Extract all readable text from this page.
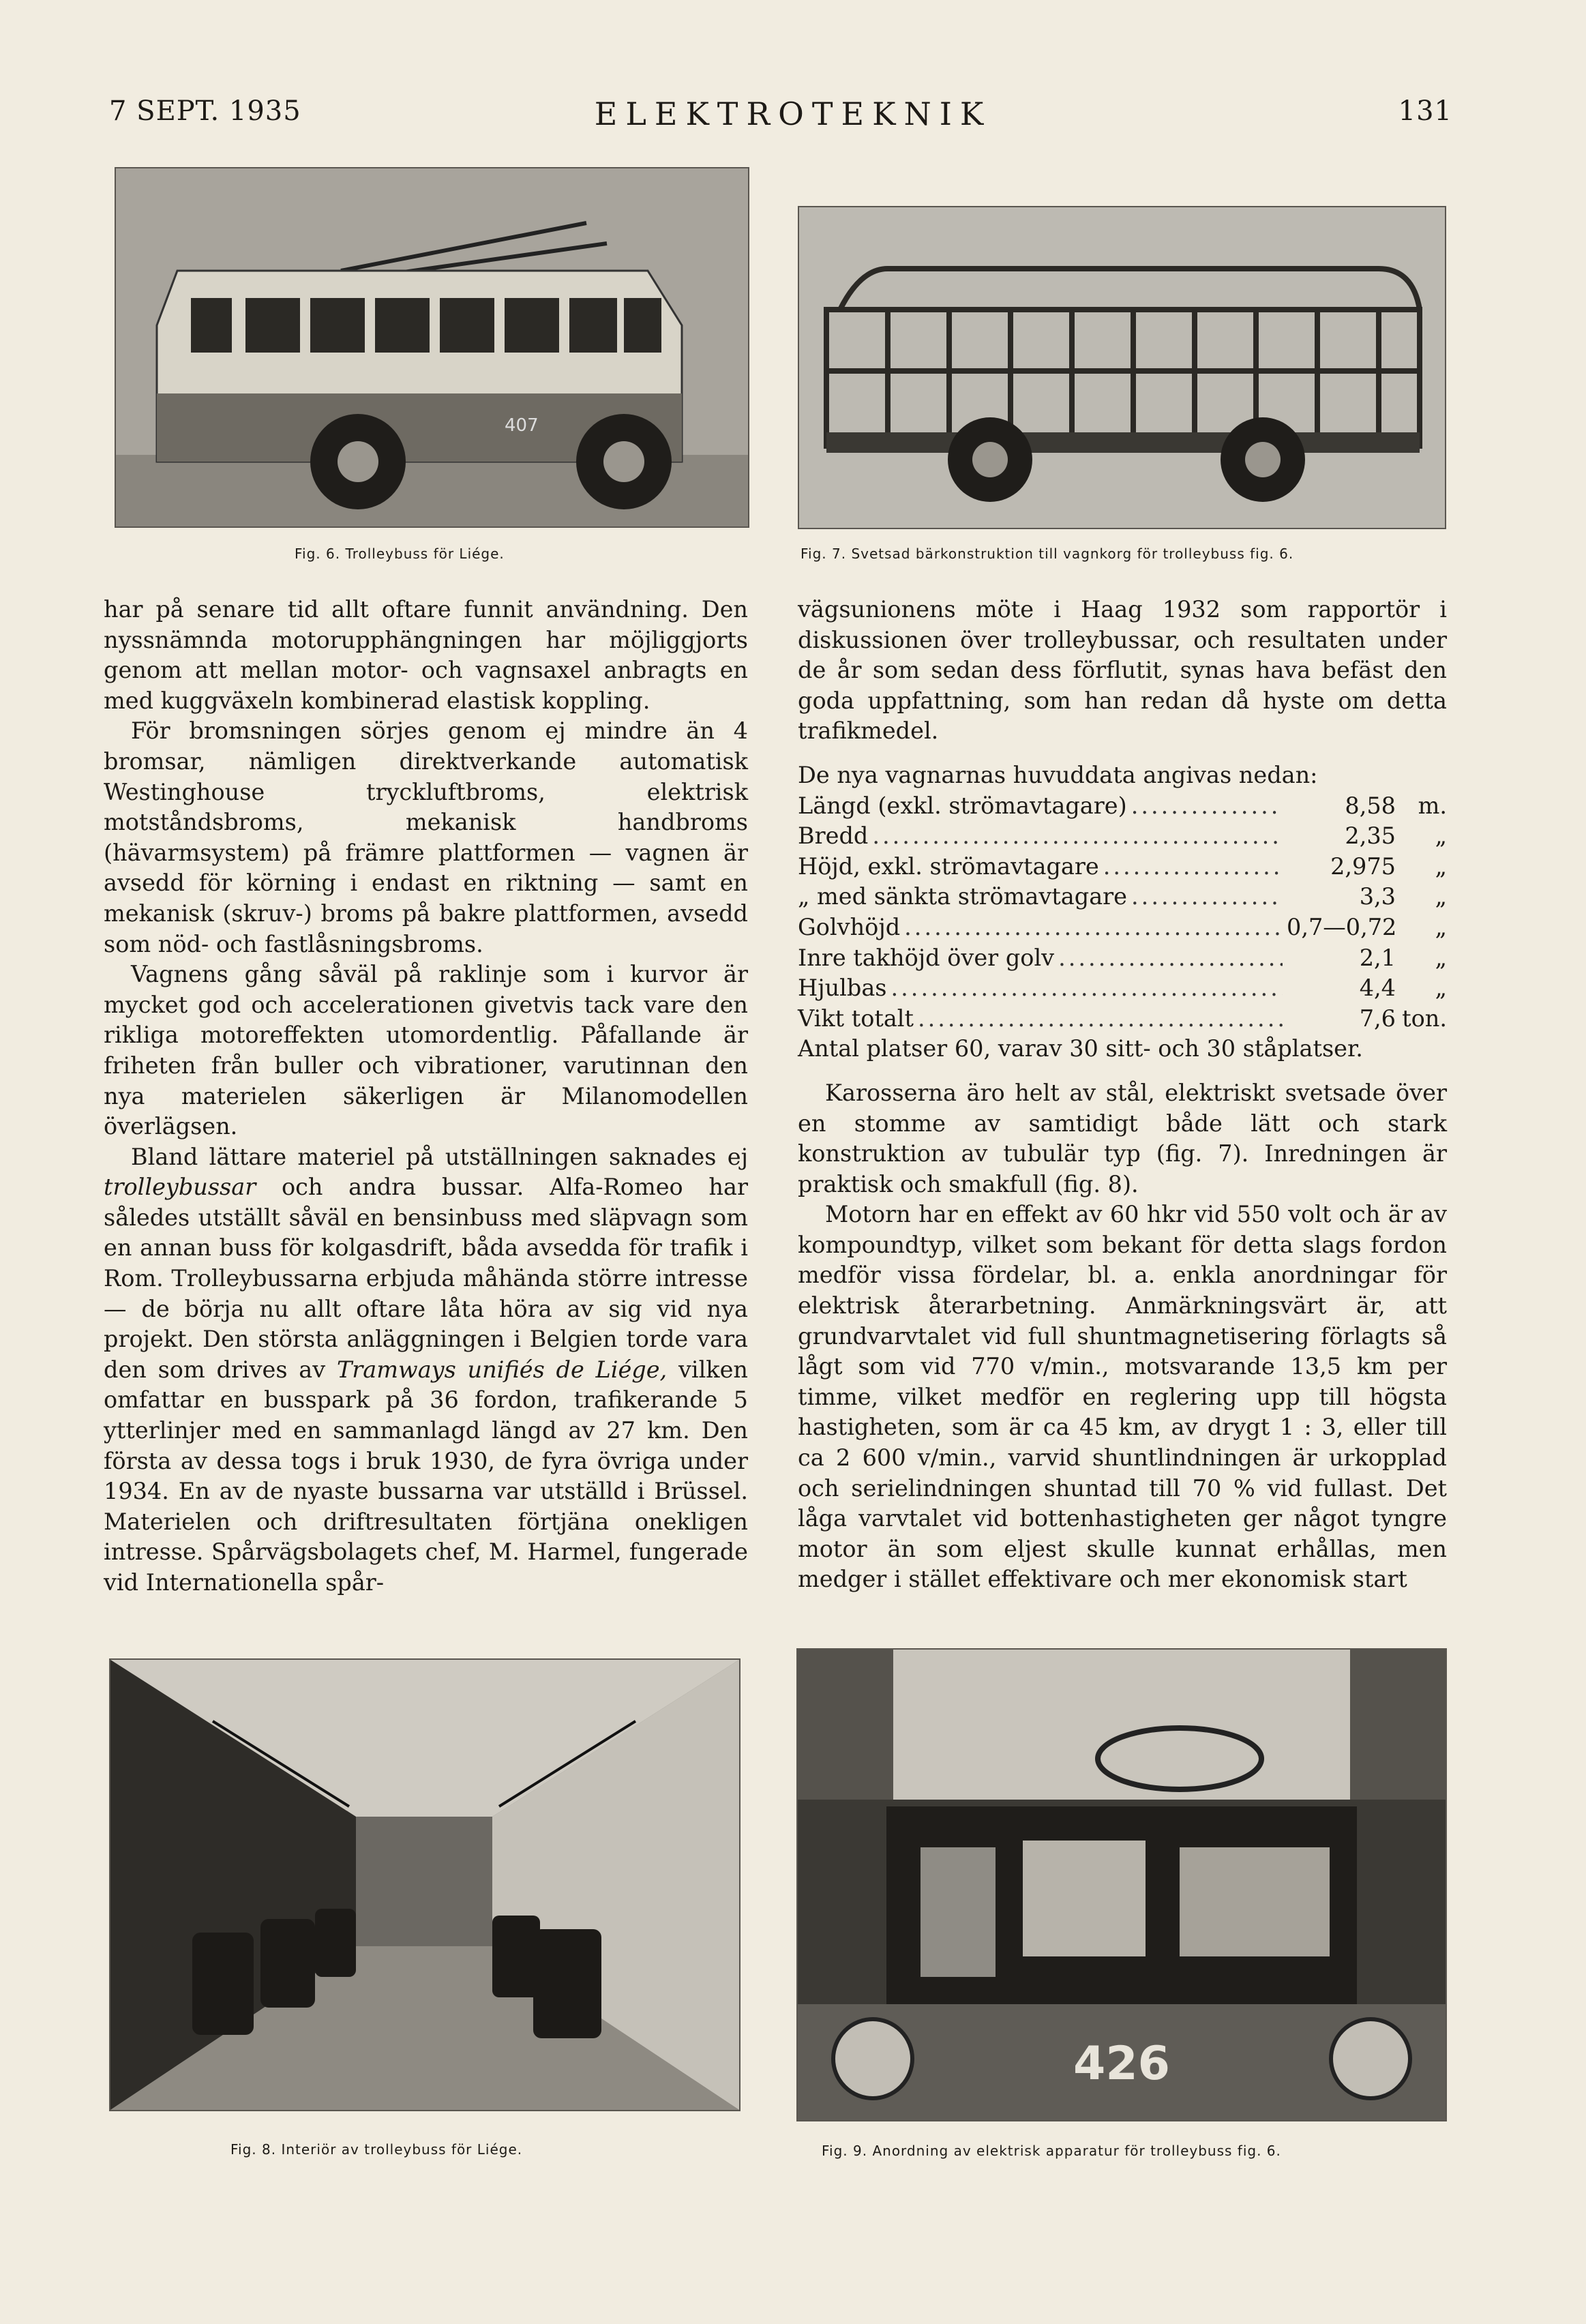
7 SEPT. 1935	ELEKTROTEKNIK	131
407
Fig. 6. Trolleybuss för Liége.	Fig. 7. Svetsad bärkonstruktion till vagnkorg för trolleybuss fig. 6.

har på senare tid allt oftare funnit användning. Den nyssnämnda motorupphängningen har möjliggjorts genom att mellan motor- och vagnsaxel anbragts en med kuggväxeln kombinerad elastisk koppling.

För bromsningen sörjes genom ej mindre än 4 bromsar, nämligen direktverkande automatisk Westinghouse tryckluftbroms, elektrisk motståndsbroms, mekanisk handbroms (hävarmsystem) på främre plattformen — vagnen är avsedd för körning i endast en riktning — samt en mekanisk (skruv-) broms på bakre plattformen, avsedd som nöd- och fastlåsningsbroms.

Vagnens gång såväl på raklinje som i kurvor är mycket god och accelerationen givetvis tack vare den rikliga motoreffekten utomordentlig. Påfallande är friheten från buller och vibrationer, varutinnan den nya materielen säkerligen är Milanomodellen överlägsen.

Bland lättare materiel på utställningen saknades ej trolleybussar och andra bussar. Alfa-Romeo har således utställt såväl en bensinbuss med släpvagn som en annan buss för kolgasdrift, båda avsedda för trafik i Rom. Trolleybussarna erbjuda måhända större intresse — de börja nu allt oftare låta höra av sig vid nya projekt. Den största anläggningen i Belgien torde vara den som drives av Tramways unifiés de Liége, vilken omfattar en busspark på 36 fordon, trafikerande 5 ytterlinjer med en sammanlagd längd av 27 km. Den första av dessa togs i bruk 1930, de fyra övriga under 1934. En av de nyaste bussarna var utställd i Brüssel. Materielen och driftresultaten förtjäna onekligen intresse. Spårvägsbolagets chef, M. Harmel, fungerade vid Internationella spår-

vägsunionens möte i Haag 1932 som rapportör i diskussionen över trolleybussar, och resultaten under de år som sedan dess förflutit, synas hava befäst den goda uppfattning, som han redan då hyste om detta trafikmedel.

De nya vagnarnas huvuddata angivas nedan:
Längd (exkl. strömavtagare) .....	8,58 m.
Bredd .....	2,35	„
Höjd, exkl. strömavtagare .....	2,975	„
„ med sänkta strömavtagare .....	3,3	„
Golvhöjd .....	0,7—0,72	„
Inre takhöjd över golv .....	2,1	„
Hjulbas .....	4,4	„
Vikt totalt .....	7,6 ton.
Antal platser 60, varav 30 sitt- och 30 ståplatser.

Karosserna äro helt av stål, elektriskt svetsade över en stomme av samtidigt både lätt och stark konstruktion av tubulär typ (fig. 7). Inredningen är praktisk och smakfull (fig. 8).

Motorn har en effekt av 60 hkr vid 550 volt och är av kompoundtyp, vilket som bekant för detta slags fordon medför vissa fördelar, bl. a. enkla anordningar för elektrisk återarbetning. Anmärkningsvärt är, att grundvarvtalet vid full shuntmagnetisering förlagts så lågt som vid 770 v/min., motsvarande 13,5 km per timme, vilket medför en reglering upp till högsta hastigheten, som är ca 45 km, av drygt 1 : 3, eller till ca 2 600 v/min., varvid shuntlindningen är urkopplad och serielindningen shuntad till 70 % vid fullast. Det låga varvtalet vid bottenhastigheten ger något tyngre motor än som eljest skulle kunnat erhållas, men medger i stället effektivare och mer ekonomisk start

Fig. 8. Interiör av trolleybuss för Liége.
426
Fig. 9. Anordning av elektrisk apparatur för trolleybuss fig. 6.
